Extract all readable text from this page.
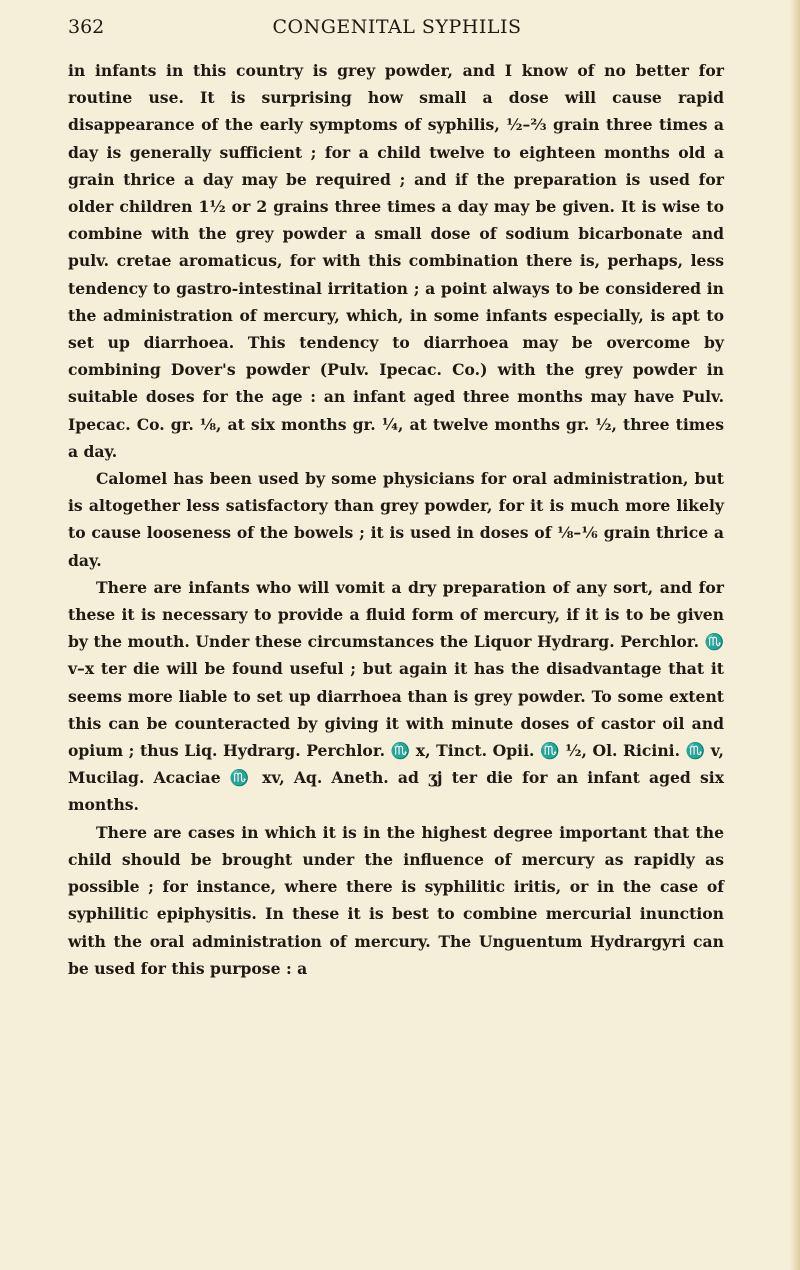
362	CONGENITAL SYPHILIS

in infants in this country is grey powder, and I know of no better for routine use. It is surprising how small a dose will cause rapid disappearance of the early symptoms of syphilis, ½–⅔ grain three times a day is generally sufficient ; for a child twelve to eighteen months old a grain thrice a day may be required ; and if the preparation is used for older children 1½ or 2 grains three times a day may be given. It is wise to combine with the grey powder a small dose of sodium bicarbonate and pulv. cretae aromaticus, for with this combination there is, perhaps, less tendency to gastro-intestinal irritation ; a point always to be considered in the administration of mercury, which, in some infants especially, is apt to set up diarrhoea. This tendency to diarrhoea may be overcome by combining Dover's powder (Pulv. Ipecac. Co.) with the grey powder in suitable doses for the age : an infant aged three months may have Pulv. Ipecac. Co. gr. ⅛, at six months gr. ¼, at twelve months gr. ½, three times a day.

Calomel has been used by some physicians for oral administration, but is altogether less satisfactory than grey powder, for it is much more likely to cause looseness of the bowels ; it is used in doses of ⅛–⅙ grain thrice a day.

There are infants who will vomit a dry preparation of any sort, and for these it is necessary to provide a fluid form of mercury, if it is to be given by the mouth. Under these circumstances the Liquor Hydrarg. Perchlor. ♏ v–x ter die will be found useful ; but again it has the disadvantage that it seems more liable to set up diarrhoea than is grey powder. To some extent this can be counteracted by giving it with minute doses of castor oil and opium ; thus Liq. Hydrarg. Perchlor. ♏ x, Tinct. Opii. ♏ ½, Ol. Ricini. ♏ v, Mucilag. Acaciae ♏ xv, Aq. Aneth. ad ʒj ter die for an infant aged six months.

There are cases in which it is in the highest degree important that the child should be brought under the influence of mercury as rapidly as possible ; for instance, where there is syphilitic iritis, or in the case of syphilitic epiphysitis. In these it is best to combine mercurial inunction with the oral administration of mercury. The Unguentum Hydrargyri can be used for this purpose : a
